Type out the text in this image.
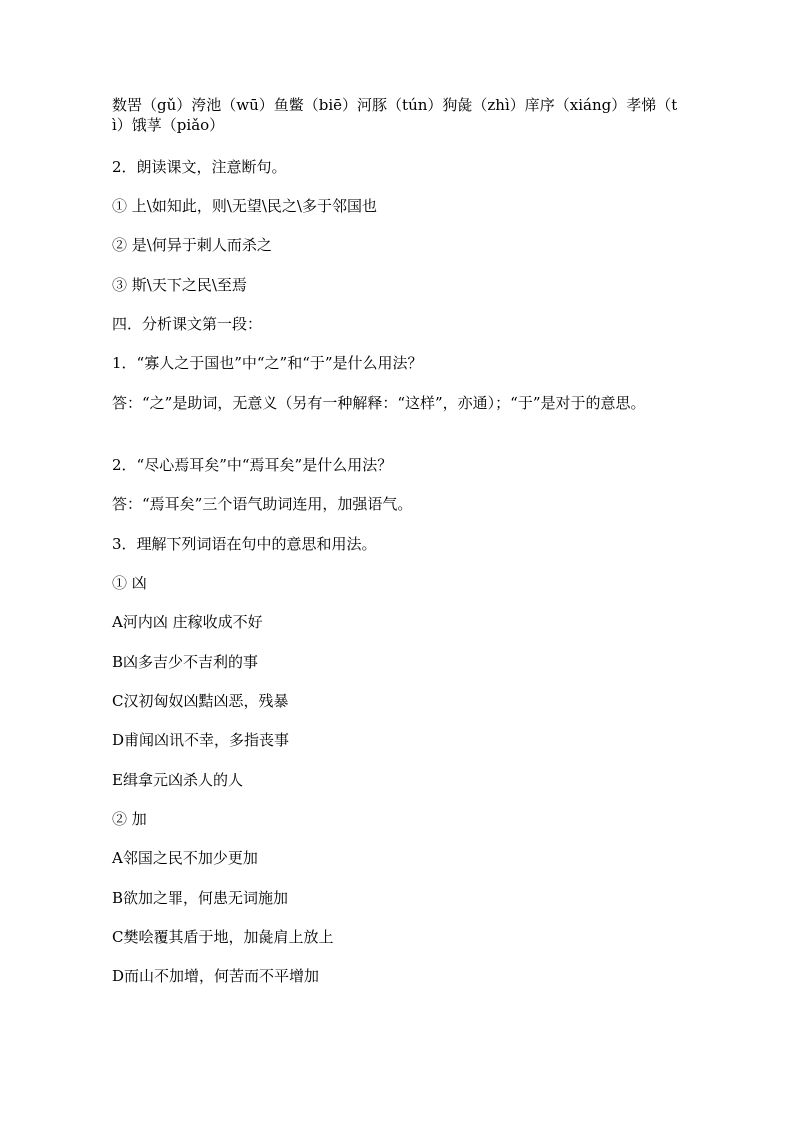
数罟（gǔ）洿池（wū）鱼鳖（biē）河豚（tún）狗彘（zhì）庠序（xiáng）孝悌（tì）饿莩（piǎo）
2．朗读课文，注意断句。
① 上\如知此，则\无望\民之\多于邻国也
② 是\何异于刺人而杀之
③ 斯\天下之民\至焉
四．分析课文第一段：
1．“寡人之于国也”中“之”和“于”是什么用法？
答：“之”是助词，无意义（另有一种解释：“这样”，亦通）；“于”是对于的意思。
2．“尽心焉耳矣”中“焉耳矣”是什么用法？
答：“焉耳矣”三个语气助词连用，加强语气。
3．理解下列词语在句中的意思和用法。
① 凶
A河内凶 庄稼收成不好
B凶多吉少不吉利的事
C汉初匈奴凶黠凶恶，残暴
D甫闻凶讯不幸，多指丧事
E缉拿元凶杀人的人
② 加
A邻国之民不加少更加
B欲加之罪，何患无词施加
C樊哙覆其盾于地，加彘肩上放上
D而山不加增，何苦而不平增加
